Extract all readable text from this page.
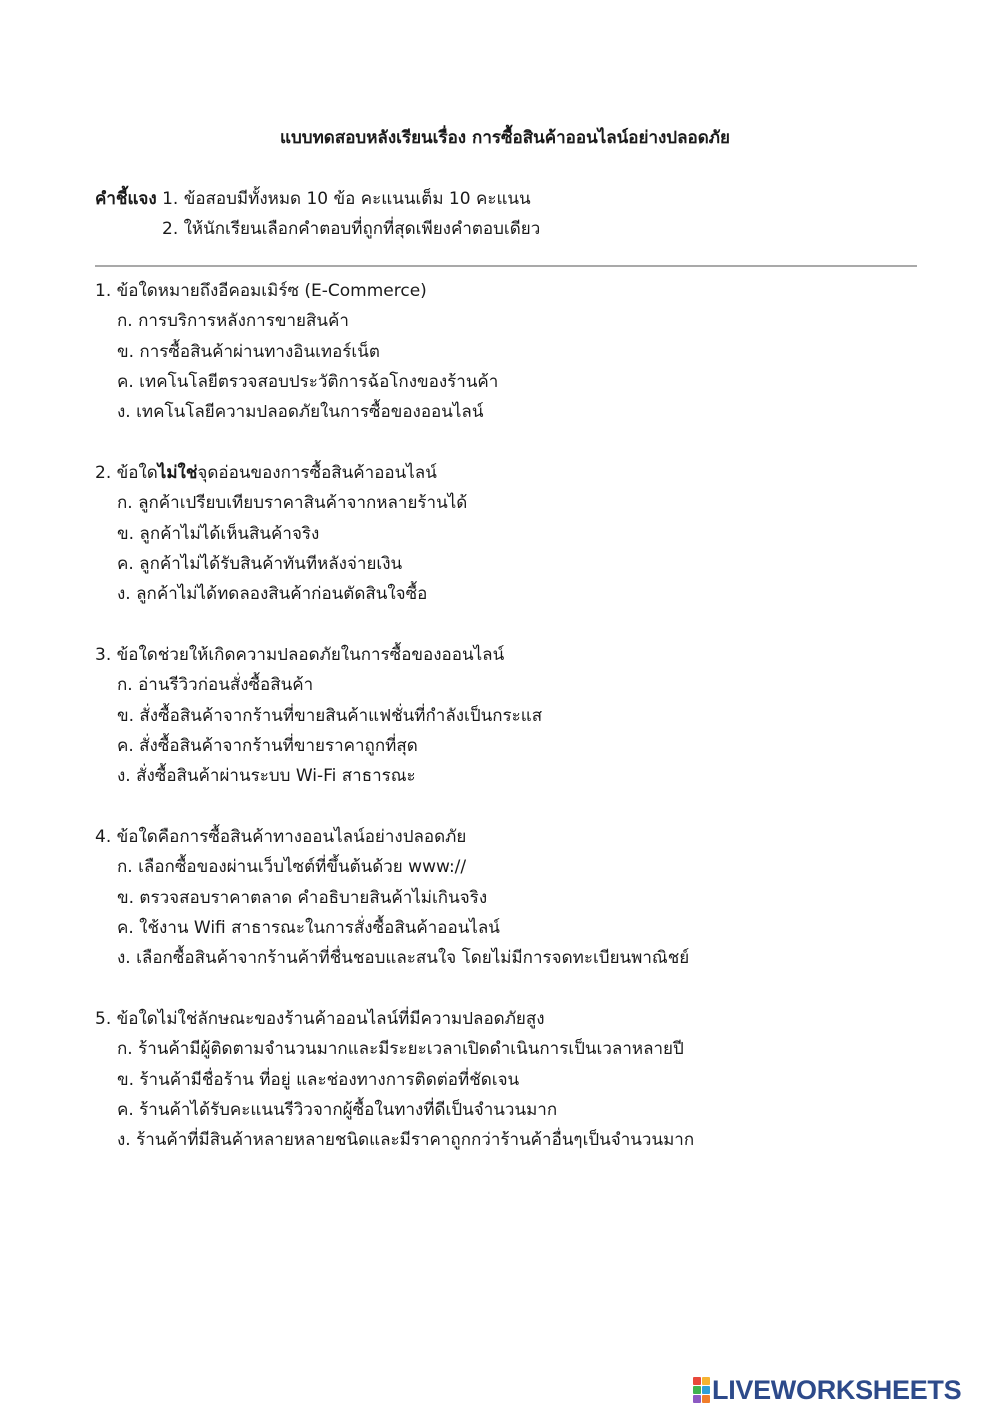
แบบทดสอบหลังเรียนเรื่อง การซื้อสินค้าออนไลน์อย่างปลอดภัย
คำชี้แจง 1. ข้อสอบมีทั้งหมด 10 ข้อ คะแนนเต็ม 10 คะแนน
2. ให้นักเรียนเลือกคำตอบที่ถูกที่สุดเพียงคำตอบเดียว
1. ข้อใดหมายถึงอีคอมเมิร์ซ (E-Commerce)
ก. การบริการหลังการขายสินค้า
ข. การซื้อสินค้าผ่านทางอินเทอร์เน็ต
ค. เทคโนโลยีตรวจสอบประวัติการฉ้อโกงของร้านค้า
ง. เทคโนโลยีความปลอดภัยในการซื้อของออนไลน์
2. ข้อใดไม่ใช่จุดอ่อนของการซื้อสินค้าออนไลน์
ก. ลูกค้าเปรียบเทียบราคาสินค้าจากหลายร้านได้
ข. ลูกค้าไม่ได้เห็นสินค้าจริง
ค. ลูกค้าไม่ได้รับสินค้าทันทีหลังจ่ายเงิน
ง. ลูกค้าไม่ได้ทดลองสินค้าก่อนตัดสินใจซื้อ
3. ข้อใดช่วยให้เกิดความปลอดภัยในการซื้อของออนไลน์
ก. อ่านรีวิวก่อนสั่งซื้อสินค้า
ข. สั่งซื้อสินค้าจากร้านที่ขายสินค้าแฟชั่นที่กำลังเป็นกระแส
ค. สั่งซื้อสินค้าจากร้านที่ขายราคาถูกที่สุด
ง. สั่งซื้อสินค้าผ่านระบบ Wi-Fi สาธารณะ
4. ข้อใดคือการซื้อสินค้าทางออนไลน์อย่างปลอดภัย
ก. เลือกซื้อของผ่านเว็บไซต์ที่ขึ้นต้นด้วย www://
ข. ตรวจสอบราคาตลาด คำอธิบายสินค้าไม่เกินจริง
ค. ใช้งาน Wifi สาธารณะในการสั่งซื้อสินค้าออนไลน์
ง. เลือกซื้อสินค้าจากร้านค้าที่ชื่นชอบและสนใจ โดยไม่มีการจดทะเบียนพาณิชย์
5. ข้อใดไม่ใช่ลักษณะของร้านค้าออนไลน์ที่มีความปลอดภัยสูง
ก. ร้านค้ามีผู้ติดตามจำนวนมากและมีระยะเวลาเปิดดำเนินการเป็นเวลาหลายปี
ข. ร้านค้ามีชื่อร้าน ที่อยู่ และช่องทางการติดต่อที่ชัดเจน
ค. ร้านค้าได้รับคะแนนรีวิวจากผู้ซื้อในทางที่ดีเป็นจำนวนมาก
ง. ร้านค้าที่มีสินค้าหลายหลายชนิดและมีราคาถูกกว่าร้านค้าอื่นๆเป็นจำนวนมาก
LIVEWORKSHEETS
